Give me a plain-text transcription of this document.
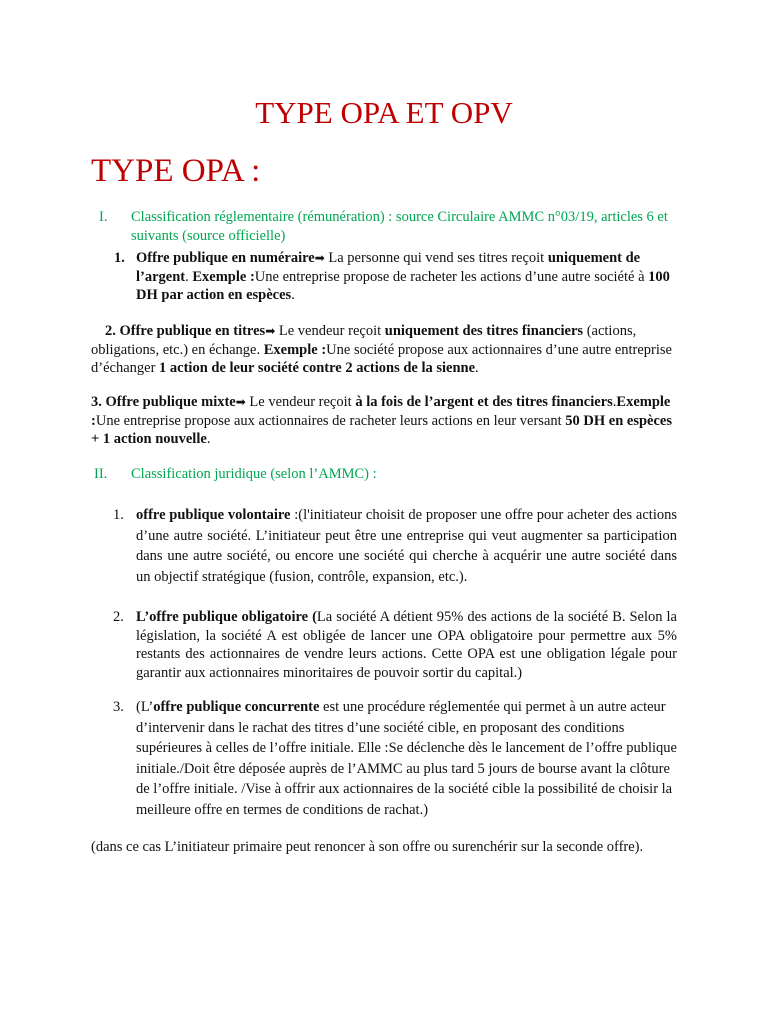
TYPE OPA ET OPV
TYPE OPA :
I. Classification réglementaire (rémunération) : source Circulaire AMMC n°03/19, articles 6 et suivants (source officielle)

1. Offre publique en numéraire➡ La personne qui vend ses titres reçoit uniquement de l’argent. Exemple :Une entreprise propose de racheter les actions d’une autre société à 100 DH par action en espèces.

2. Offre publique en titres➡ Le vendeur reçoit uniquement des titres financiers (actions, obligations, etc.) en échange. Exemple :Une société propose aux actionnaires d’une autre entreprise d’échanger 1 action de leur société contre 2 actions de la sienne.

3. Offre publique mixte➡ Le vendeur reçoit à la fois de l’argent et des titres financiers.Exemple :Une entreprise propose aux actionnaires de racheter leurs actions en leur versant 50 DH en espèces + 1 action nouvelle.

II. Classification juridique (selon l’AMMC) :

1. offre publique volontaire :(l'initiateur choisit de proposer une offre pour acheter des actions d’une autre société. L’initiateur peut être une entreprise qui veut augmenter sa participation dans une autre société, ou encore une société qui cherche à acquérir une autre société dans un objectif stratégique (fusion, contrôle, expansion, etc.).

2. L’offre publique obligatoire (La société A détient 95% des actions de la société B. Selon la législation, la société A est obligée de lancer une OPA obligatoire pour permettre aux 5% restants des actionnaires de vendre leurs actions. Cette OPA est une obligation légale pour garantir aux actionnaires minoritaires de pouvoir sortir du capital.)

3. (L’offre publique concurrente est une procédure réglementée qui permet à un autre acteur d’intervenir dans le rachat des titres d’une société cible, en proposant des conditions supérieures à celles de l’offre initiale. Elle :Se déclenche dès le lancement de l’offre publique initiale./Doit être déposée auprès de l’AMMC au plus tard 5 jours de bourse avant la clôture de l’offre initiale. /Vise à offrir aux actionnaires de la société cible la possibilité de choisir la meilleure offre en termes de conditions de rachat.)

(dans ce cas L’initiateur primaire peut renoncer à son offre ou surenchérir sur la seconde offre).
